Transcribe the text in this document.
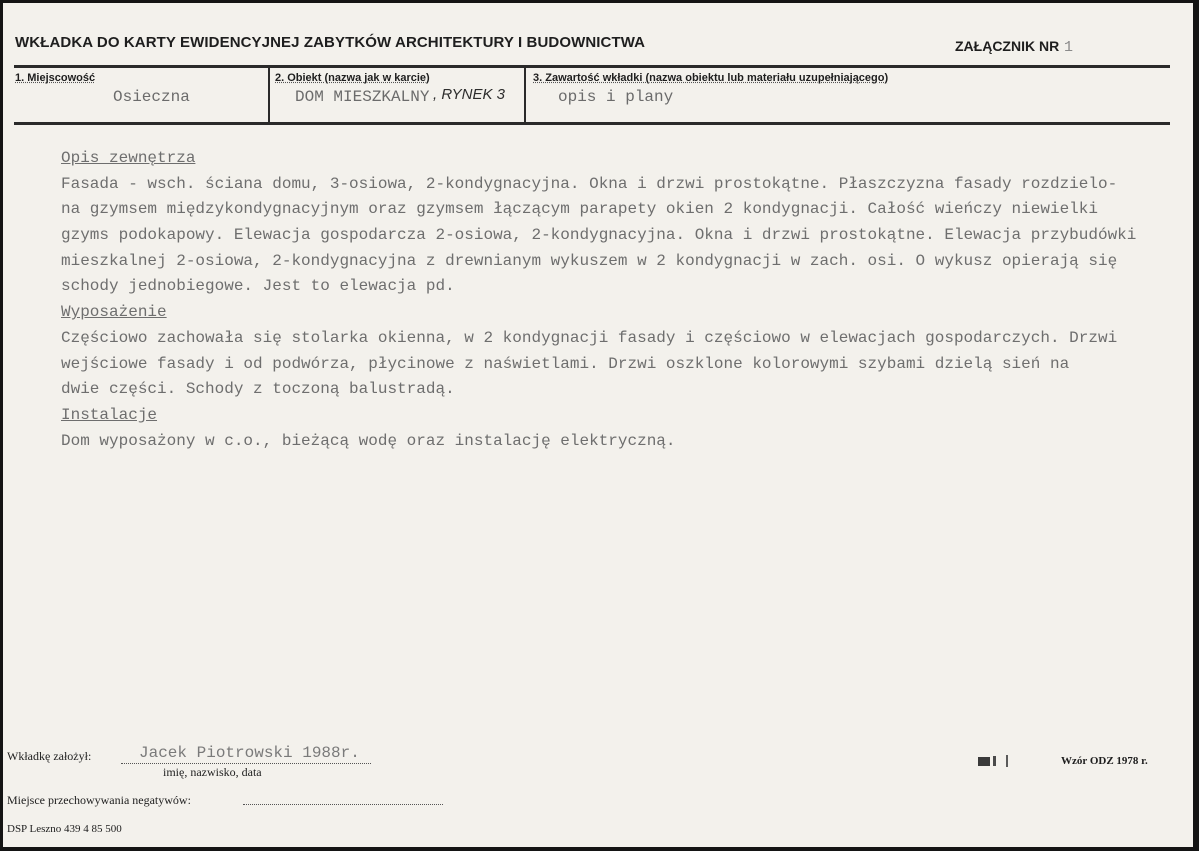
WKŁADKA DO KARTY EWIDENCYJNEJ ZABYTKÓW ARCHITEKTURY I BUDOWNICTWA	ZAŁĄCZNIK NR 1
1. Miejscowość
Osieczna
2. Obiekt (nazwa jak w karcie)
DOM MIESZKALNY , RYNEK 3
3. Zawartość wkładki (nazwa obiektu lub materiału uzupełniającego)
opis i plany
Opis zewnętrza
Fasada - wsch. ściana domu, 3-osiowa, 2-kondygnacyjna. Okna i drzwi prostokątne. Płaszczyzna fasady rozdzielo-
na gzymsem międzykondygnacyjnym oraz gzymsem łączącym parapety okien 2 kondygnacji. Całość wieńczy niewielki
gzyms podokapowy. Elewacja gospodarcza 2-osiowa, 2-kondygnacyjna. Okna i drzwi prostokątne. Elewacja przybudówki
mieszkalnej 2-osiowa, 2-kondygnacyjna z drewnianym wykuszem w 2 kondygnacji w zach. osi. O wykusz opierają się
schody jednobiegowe. Jest to elewacja pd.
Wyposażenie
Częściowo zachowała się stolarka okienna, w 2 kondygnacji fasady i częściowo w elewacjach gospodarczych. Drzwi
wejściowe fasady i od podwórza, płycinowe z naświetlami. Drzwi oszklone kolorowymi szybami dzielą sień na
dwie części. Schody z toczoną balustradą.
Instalacje
Dom wyposażony w c.o., bieżącą wodę oraz instalację elektryczną.
Wkładkę założył:	Jacek Piotrowski 1988r.
imię, nazwisko, data
Wzór ODZ 1978 r.
Miejsce przechowywania negatywów:
DSP Leszno 439 4 85 500
